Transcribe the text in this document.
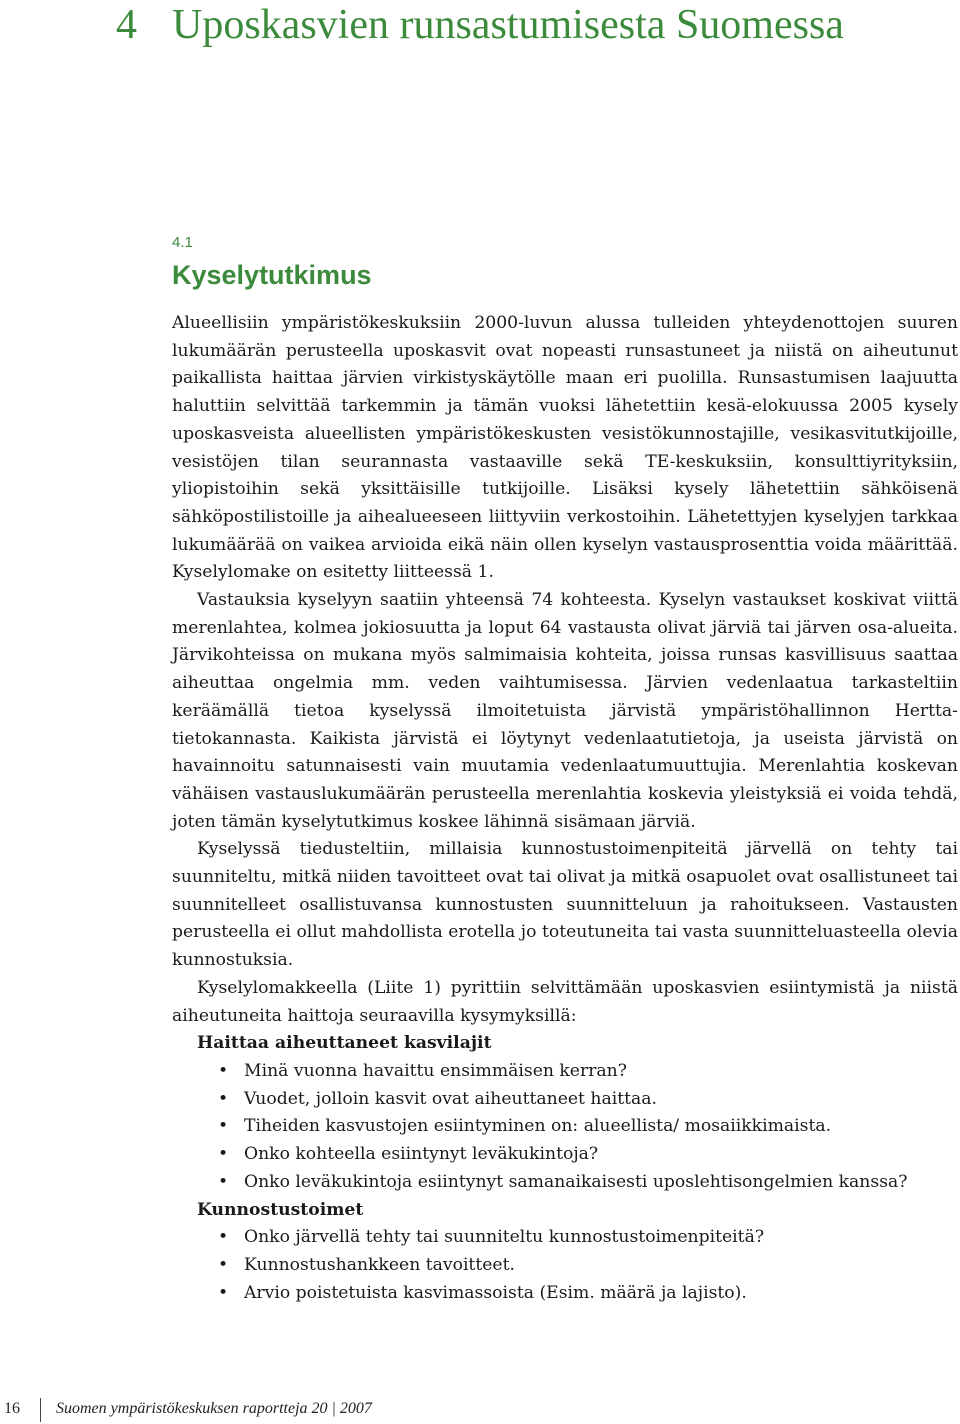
4 Uposkasvien runsastumisesta Suomessa
4.1
Kyselytutkimus

Alueellisiin ympäristökeskuksiin 2000-luvun alussa tulleiden yhteydenottojen suuren lukumäärän perusteella uposkasvit ovat nopeasti runsastuneet ja niistä on aiheutunut paikallista haittaa järvien virkistyskäytölle maan eri puolilla. Runsastumisen laajuutta haluttiin selvittää tarkemmin ja tämän vuoksi lähetettiin kesä-elokuussa 2005 kysely uposkasveista alueellisten ympäristökeskusten vesistökunnostajille, vesikasvitutkijoille, vesistöjen tilan seurannasta vastaaville sekä TE-keskuksiin, konsulttiyrityksiin, yliopistoihin sekä yksittäisille tutkijoille. Lisäksi kysely lähetettiin sähköisenä sähköpostilistoille ja aihealueeseen liittyviin verkostoihin. Lähetettyjen kyselyjen tarkkaa lukumäärää on vaikea arvioida eikä näin ollen kyselyn vastausprosenttia voida määrittää. Kyselylomake on esitetty liitteessä 1.

Vastauksia kyselyyn saatiin yhteensä 74 kohteesta. Kyselyn vastaukset koskivat viittä merenlahtea, kolmea jokiosuutta ja loput 64 vastausta olivat järviä tai järven osa-alueita. Järvikohteissa on mukana myös salmimaisia kohteita, joissa runsas kasvillisuus saattaa aiheuttaa ongelmia mm. veden vaihtumisessa. Järvien vedenlaatua tarkasteltiin keräämällä tietoa kyselyssä ilmoitetuista järvistä ympäristöhallinnon Hertta-tietokannasta. Kaikista järvistä ei löytynyt vedenlaatutietoja, ja useista järvistä on havainnoitu satunnaisesti vain muutamia vedenlaatumuuttujia. Merenlahtia koskevan vähäisen vastauslukumäärän perusteella merenlahtia koskevia yleistyksiä ei voida tehdä, joten tämän kyselytutkimus koskee lähinnä sisämaan järviä.

Kyselyssä tiedusteltiin, millaisia kunnostustoimenpiteitä järvellä on tehty tai suunniteltu, mitkä niiden tavoitteet ovat tai olivat ja mitkä osapuolet ovat osallistuneet tai suunnitelleet osallistuvansa kunnostusten suunnitteluun ja rahoitukseen. Vastausten perusteella ei ollut mahdollista erotella jo toteutuneita tai vasta suunnitteluasteella olevia kunnostuksia.

Kyselylomakkeella (Liite 1) pyrittiin selvittämään uposkasvien esiintymistä ja niistä aiheutuneita haittoja seuraavilla kysymyksillä:

Haittaa aiheuttaneet kasvilajit
• Minä vuonna havaittu ensimmäisen kerran?
• Vuodet, jolloin kasvit ovat aiheuttaneet haittaa.
• Tiheiden kasvustojen esiintyminen on: alueellista/ mosaiikkimaista.
• Onko kohteella esiintynyt leväkukintoja?
• Onko leväkukintoja esiintynyt samanaikaisesti uposlehtisongelmien kanssa?
Kunnostustoimet
• Onko järvellä tehty tai suunniteltu kunnostustoimenpiteitä?
• Kunnostushankkeen tavoitteet.
• Arvio poistetuista kasvimassoista (Esim. määrä ja lajisto).
16 Suomen ympäristökeskuksen raportteja 20 | 2007
